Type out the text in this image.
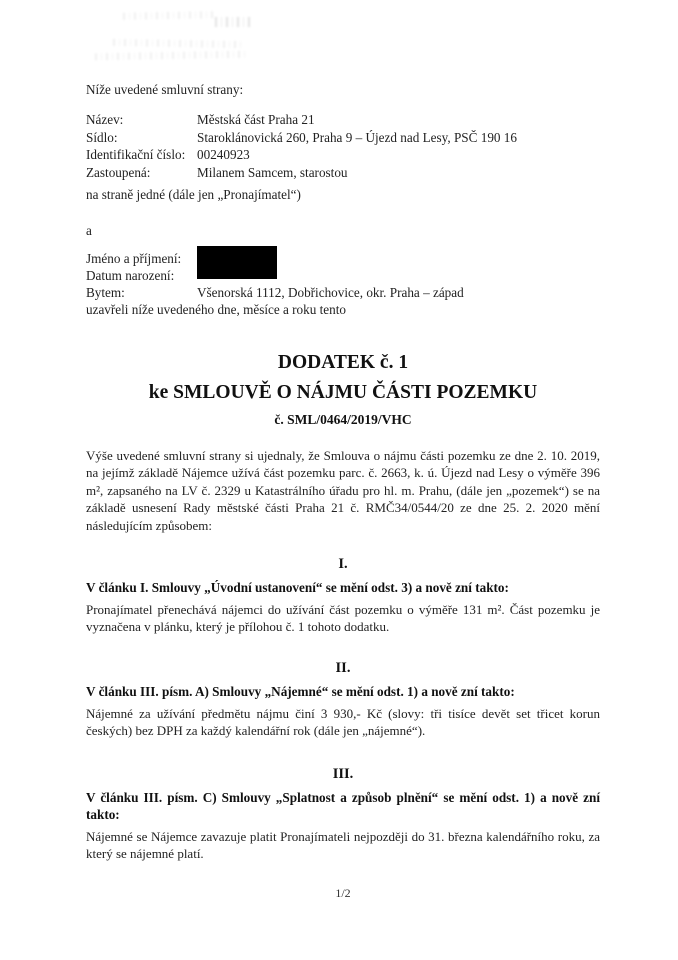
Níže uvedené smluvní strany:
Název:	Městská část Praha 21
Sídlo:	Staroklánovická 260, Praha 9 – Újezd nad Lesy, PSČ 190 16
Identifikační číslo: 00240923
Zastoupená:	Milanem Samcem, starostou
na straně jedné (dále jen „Pronajímatel“)
a
Jméno a příjmení:
Datum narození:
Bytem:	Všenorská 1112, Dobřichovice, okr. Praha – západ
uzavřeli níže uvedeného dne, měsíce a roku tento
DODATEK č. 1
ke SMLOUVĚ O NÁJMU ČÁSTI POZEMKU
č. SML/0464/2019/VHC
Výše uvedené smluvní strany si ujednaly, že Smlouva o nájmu části pozemku ze dne 2. 10. 2019, na jejímž základě Nájemce užívá část pozemku parc. č. 2663, k. ú. Újezd nad Lesy o výměře 396 m², zapsaného na LV č. 2329 u Katastrálního úřadu pro hl. m. Prahu, (dále jen „pozemek“) se na základě usnesení Rady městské části Praha 21 č. RMČ34/0544/20 ze dne 25. 2. 2020 mění následujícím způsobem:
I.
V článku I. Smlouvy „Úvodní ustanovení“ se mění odst. 3) a nově zní takto:
Pronajímatel přenechává nájemci do užívání část pozemku o výměře 131 m². Část pozemku je vyznačena v plánku, který je přílohou č. 1 tohoto dodatku.
II.
V článku III. písm. A) Smlouvy „Nájemné“ se mění odst. 1) a nově zní takto:
Nájemné za užívání předmětu nájmu činí 3 930,- Kč (slovy: tři tisíce devět set třicet korun českých) bez DPH za každý kalendářní rok (dále jen „nájemné“).
III.
V článku III. písm. C) Smlouvy „Splatnost a způsob plnění“ se mění odst. 1) a nově zní takto:
Nájemné se Nájemce zavazuje platit Pronajímateli nejpozději do 31. března kalendářního roku, za který se nájemné platí.
1/2
